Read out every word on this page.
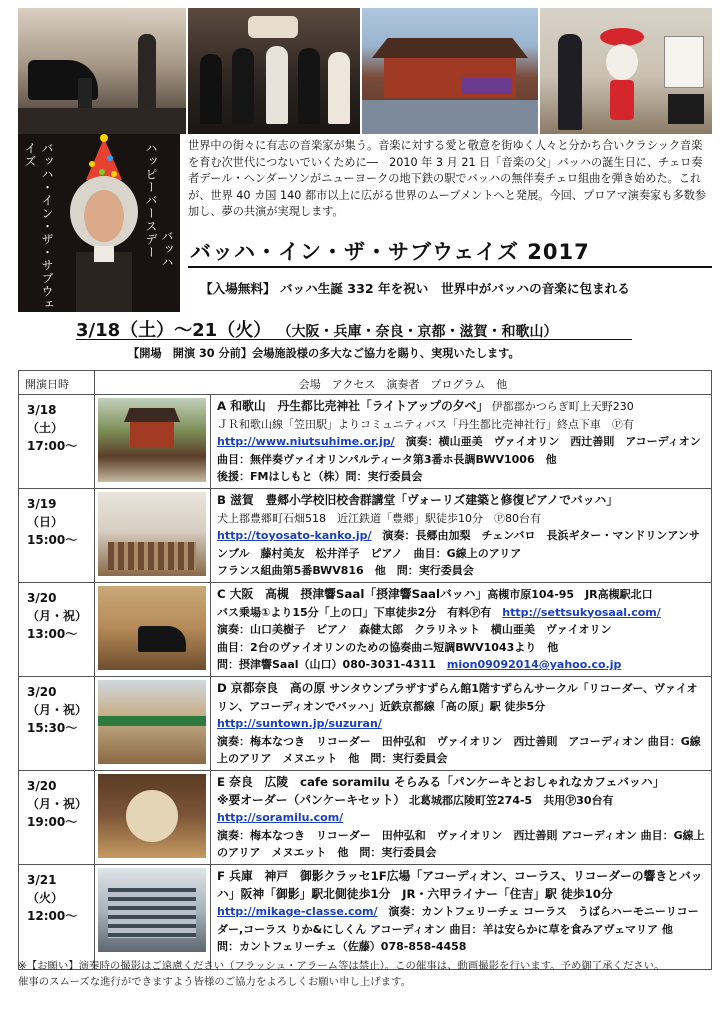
バッハ・イン・ザ・サブウェイズ	ハッピーバースデー バッハ
世界中の街々に有志の音楽家が集う。音楽に対する愛と敬意を街ゆく人々と分かち合いクラシック音楽を育む次世代につないでいくために―　2010 年 3 月 21 日「音楽の父」バッハの誕生日に、チェロ奏者デール・ヘンダーソンがニューヨークの地下鉄の駅でバッハの無伴奏チェロ組曲を弾き始めた。これが、世界 40 カ国 140 都市以上に広がる世界のムーブメントへと発展。今回、プロアマ演奏家も多数参加し、夢の共演が実現します。
バッハ・イン・ザ・サブウェイズ 2017
【入場無料】 バッハ生誕 332 年を祝い　世界中がバッハの音楽に包まれる
3/18（土）～21（火） （大阪・兵庫・奈良・京都・滋賀・和歌山）
【開場　開演 30 分前】会場施設様の多大なご協力を賜り、実現いたします。
開演日時	会場　アクセス　演奏者　プログラム　他
3/18
（土）
17:00～
A 和歌山　丹生都比売神社「ライトアップの夕べ」 伊都郡かつらぎ町上天野230
ＪＲ和歌山線「笠田駅」よりコミュニティバス「丹生都比売神社行」終点下車　Ⓟ有
http://www.niutsuhime.or.jp/　演奏：横山亜美　ヴァイオリン　西辻善則　アコーディオン　曲目：無伴奏ヴァイオリンパルティータ第3番ホ長調BWV1006　他
後援：FMはしもと（株）問：実行委員会
3/19
（日）
15:00～
B 滋賀　豊郷小学校旧校舎群講堂「ヴォーリズ建築と修復ピアノでバッハ」
犬上郡豊郷町石畑518　近江鉄道「豊郷」駅徒歩10分　Ⓟ80台有
http://toyosato-kanko.jp/　演奏：長郷由加梨　チェンバロ　長浜ギター・マンドリンアンサンブル　藤村美友　松井洋子　ピアノ　曲目：G線上のアリア
フランス組曲第5番BWV816　他　問：実行委員会
3/20
（月・祝）
13:00～
C 大阪　高槻　摂津響Saal「摂津響Saalバッハ」高槻市原104-95　JR高槻駅北口
バス乗場①より15分「上の口」下車徒歩2分　有料Ⓟ有　 http://settsukyosaal.com/
演奏：山口美樹子　ピアノ　森健太郎　クラリネット　横山亜美　ヴァイオリン
曲目：2台のヴァイオリンのための協奏曲ニ短調BWV1043より　他
問：摂津響Saal（山口）080-3031-4311　 mion09092014@yahoo.co.jp
3/20
（月・祝）
15:30～
D 京都奈良　高の原 サンタウンプラザすずらん館1階すずらんサークル「リコーダー、ヴァイオリン、アコーディオンでバッハ」近鉄京都線「高の原」駅 徒歩5分
http://suntown.jp/suzuran/
演奏：梅本なつき　リコーダー　田仲弘和　ヴァイオリン　西辻善則　アコーディオン 曲目：G線上のアリア　メヌエット　他　問：実行委員会
3/20
（月・祝）
19:00～
E 奈良　広陵　cafe soramilu そらみる「パンケーキとおしゃれなカフェバッハ」
※要オーダー（パンケーキセット） 北葛城郡広陵町笠274-5　共用Ⓟ30台有
http://soramilu.com/
演奏：梅本なつき　リコーダー　田仲弘和　ヴァイオリン　西辻善則 アコーディオン 曲目：G線上のアリア　メヌエット　他　問：実行委員会
3/21
（火）
12:00～
F 兵庫　神戸　御影クラッセ1F広場「アコーディオン、コーラス、リコーダーの響きとバッハ」阪神「御影」駅北側徒歩1分　JR・六甲ライナー「住吉」駅 徒歩10分
http://mikage-classe.com/　演奏：カントフェリーチェ コーラス　うばらハーモニーリコーダー,コーラス りか&にしくん アコーディオン 曲目：羊は安らかに草を食みアヴェマリア 他　問：カントフェリーチェ（佐藤）078-858-4458
※【お願い】演奏時の撮影はご遠慮ください（フラッシュ・アラーム等は禁止）。この催事は、動画撮影を行います。予め御了承ください。
催事のスムーズな進行ができますよう皆様のご協力をよろしくお願い申し上げます。
